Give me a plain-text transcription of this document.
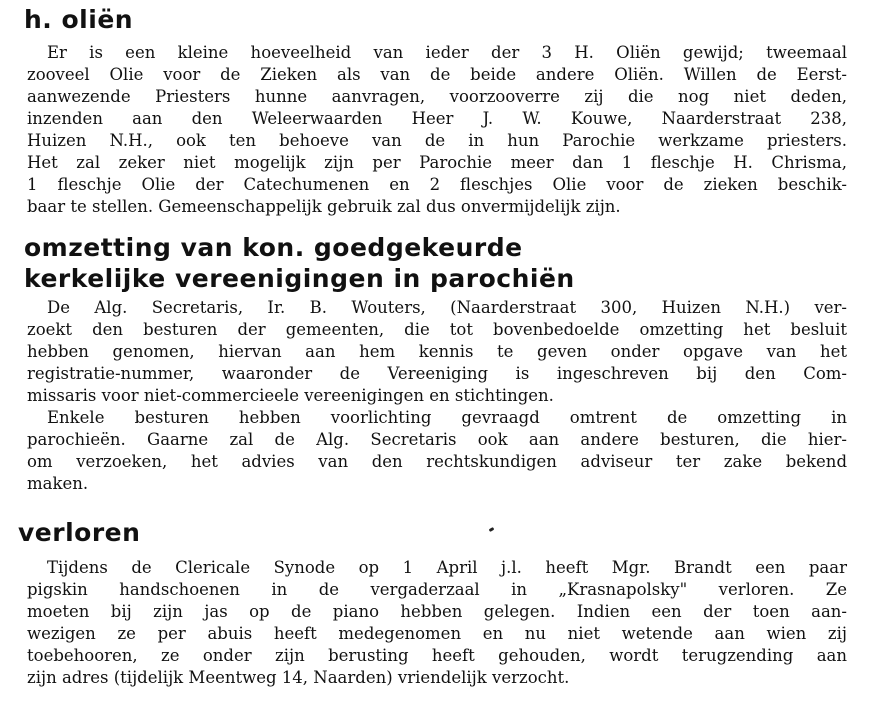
h. oliën

Er is een kleine hoeveelheid van ieder der 3 H. Oliën gewijd; tweemaal

zooveel Olie voor de Zieken als van de beide andere Oliën. Willen de Eerst-

aanwezende Priesters hunne aanvragen, voorzooverre zij die nog niet deden,

inzenden aan den Weleerwaarden Heer J. W. Kouwe, Naarderstraat 238,

Huizen N.H., ook ten behoeve van de in hun Parochie werkzame priesters.

Het zal zeker niet mogelijk zijn per Parochie meer dan 1 fleschje H. Chrisma,

1 fleschje Olie der Catechumenen en 2 fleschjes Olie voor de zieken beschik-

baar te stellen. Gemeenschappelijk gebruik zal dus onvermijdelijk zijn.

omzetting van kon. goedgekeurde
kerkelijke vereenigingen in parochiën

De Alg. Secretaris, Ir. B. Wouters, (Naarderstraat 300, Huizen N.H.) ver-

zoekt den besturen der gemeenten, die tot bovenbedoelde omzetting het besluit

hebben genomen, hiervan aan hem kennis te geven onder opgave van het

registratie-nummer, waaronder de Vereeniging is ingeschreven bij den Com-

missaris voor niet-commercieele vereenigingen en stichtingen.

Enkele besturen hebben voorlichting gevraagd omtrent de omzetting in

parochieën. Gaarne zal de Alg. Secretaris ook aan andere besturen, die hier-

om verzoeken, het advies van den rechtskundigen adviseur ter zake bekend

maken.

verloren

Tijdens de Clericale Synode op 1 April j.l. heeft Mgr. Brandt een paar

pigskin handschoenen in de vergaderzaal in „Krasnapolsky" verloren. Ze

moeten bij zijn jas op de piano hebben gelegen. Indien een der toen aan-

wezigen ze per abuis heeft medegenomen en nu niet wetende aan wien zij

toebehooren, ze onder zijn berusting heeft gehouden, wordt terugzending aan

zijn adres (tijdelijk Meentweg 14, Naarden) vriendelijk verzocht.
